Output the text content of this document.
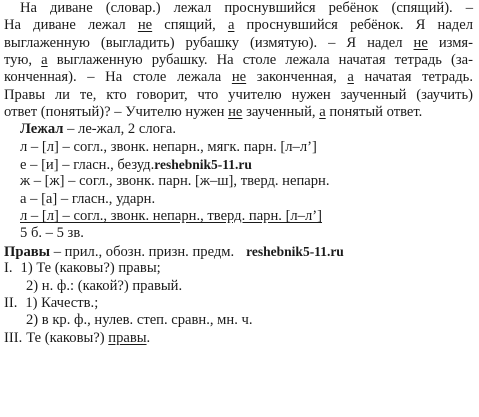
На диване (словар.) лежал проснувшийся ребёнок (спящий). –
На диване лежал не спящий, а проснувшийся ребёнок. Я надел
выглаженную (выгладить) рубашку (измятую). – Я надел не измя-
тую, а выглаженную рубашку. На столе лежала начатая тетрадь (за-
конченная). – На столе лежала не законченная, а начатая тетрадь.
Правы ли те, кто говорит, что учителю нужен заученный (заучить)
ответ (понятый)? – Учителю нужен не заученный, а понятый ответ.
Лежал – ле-жал, 2 слога.
л – [л] – согл., звонк. непарн., мягк. парн. [л–л’]
е – [и] – гласн., безуд.reshebnik5-11.ru
ж – [ж] – согл., звонк. парн. [ж–ш], тверд. непарн.
а – [а] – гласн., ударн.
л – [л] – согл., звонк. непарн., тверд. парн. [л–л’]
5 б. – 5 зв.
Правы – прил., обозн. призн. предм. reshebnik5-11.ru
I. 1) Те (каковы?) правы;
2) н. ф.: (какой?) правый.
II. 1) Качеств.;
2) в кр. ф., нулев. степ. сравн., мн. ч.
III. Те (каковы?) правы.
